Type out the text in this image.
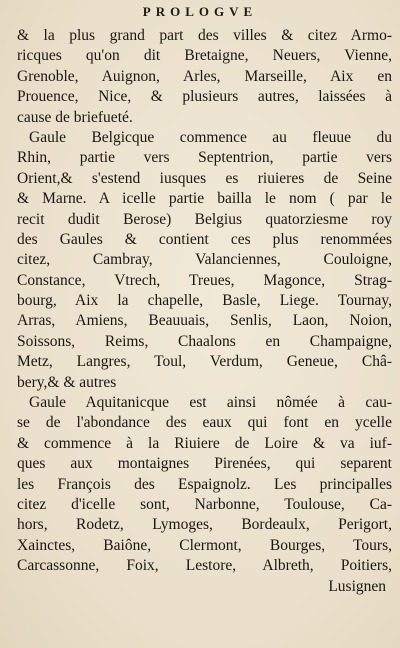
PROLOGVE
& la plus grand part des villes & citez Armo-
ricques qu'on dit Bretaigne, Neuers, Vienne,
Grenoble, Auignon, Arles, Marseille, Aix en
Prouence, Nice, & plusieurs autres, laissées à
cause de briefueté.
Gaule Belgicque commence au fleuue du
Rhin, partie vers Septentrion, partie vers
Orient,& s'estend iusques es riuieres de Seine
& Marne. A icelle partie bailla le nom ( par le
recit dudit Berose) Belgius quatorziesme roy
des Gaules & contient ces plus renommées
citez, Cambray, Valanciennes, Couloigne,
Constance, Vtrech, Treues, Magonce, Strag-
bourg, Aix la chapelle, Basle, Liege. Tournay,
Arras, Amiens, Beauuais, Senlis, Laon, Noion,
Soissons, Reims, Chaalons en Champaigne,
Metz, Langres, Toul, Verdum, Geneue, Châ-
bery,& & autres
Gaule Aquitanicque est ainsi nômée à cau-
se de l'abondance des eaux qui font en ycelle
& commence à la Riuiere de Loire & va iuf-
ques aux montaignes Pirenées, qui separent
les François des Espaignolz. Les principalles
citez d'icelle sont, Narbonne, Toulouse, Ca-
hors, Rodetz, Lymoges, Bordeaulx, Perigort,
Xainctes, Baiône, Clermont, Bourges, Tours,
Carcassonne, Foix, Lestore, Albreth, Poitiers,
Lusignen
